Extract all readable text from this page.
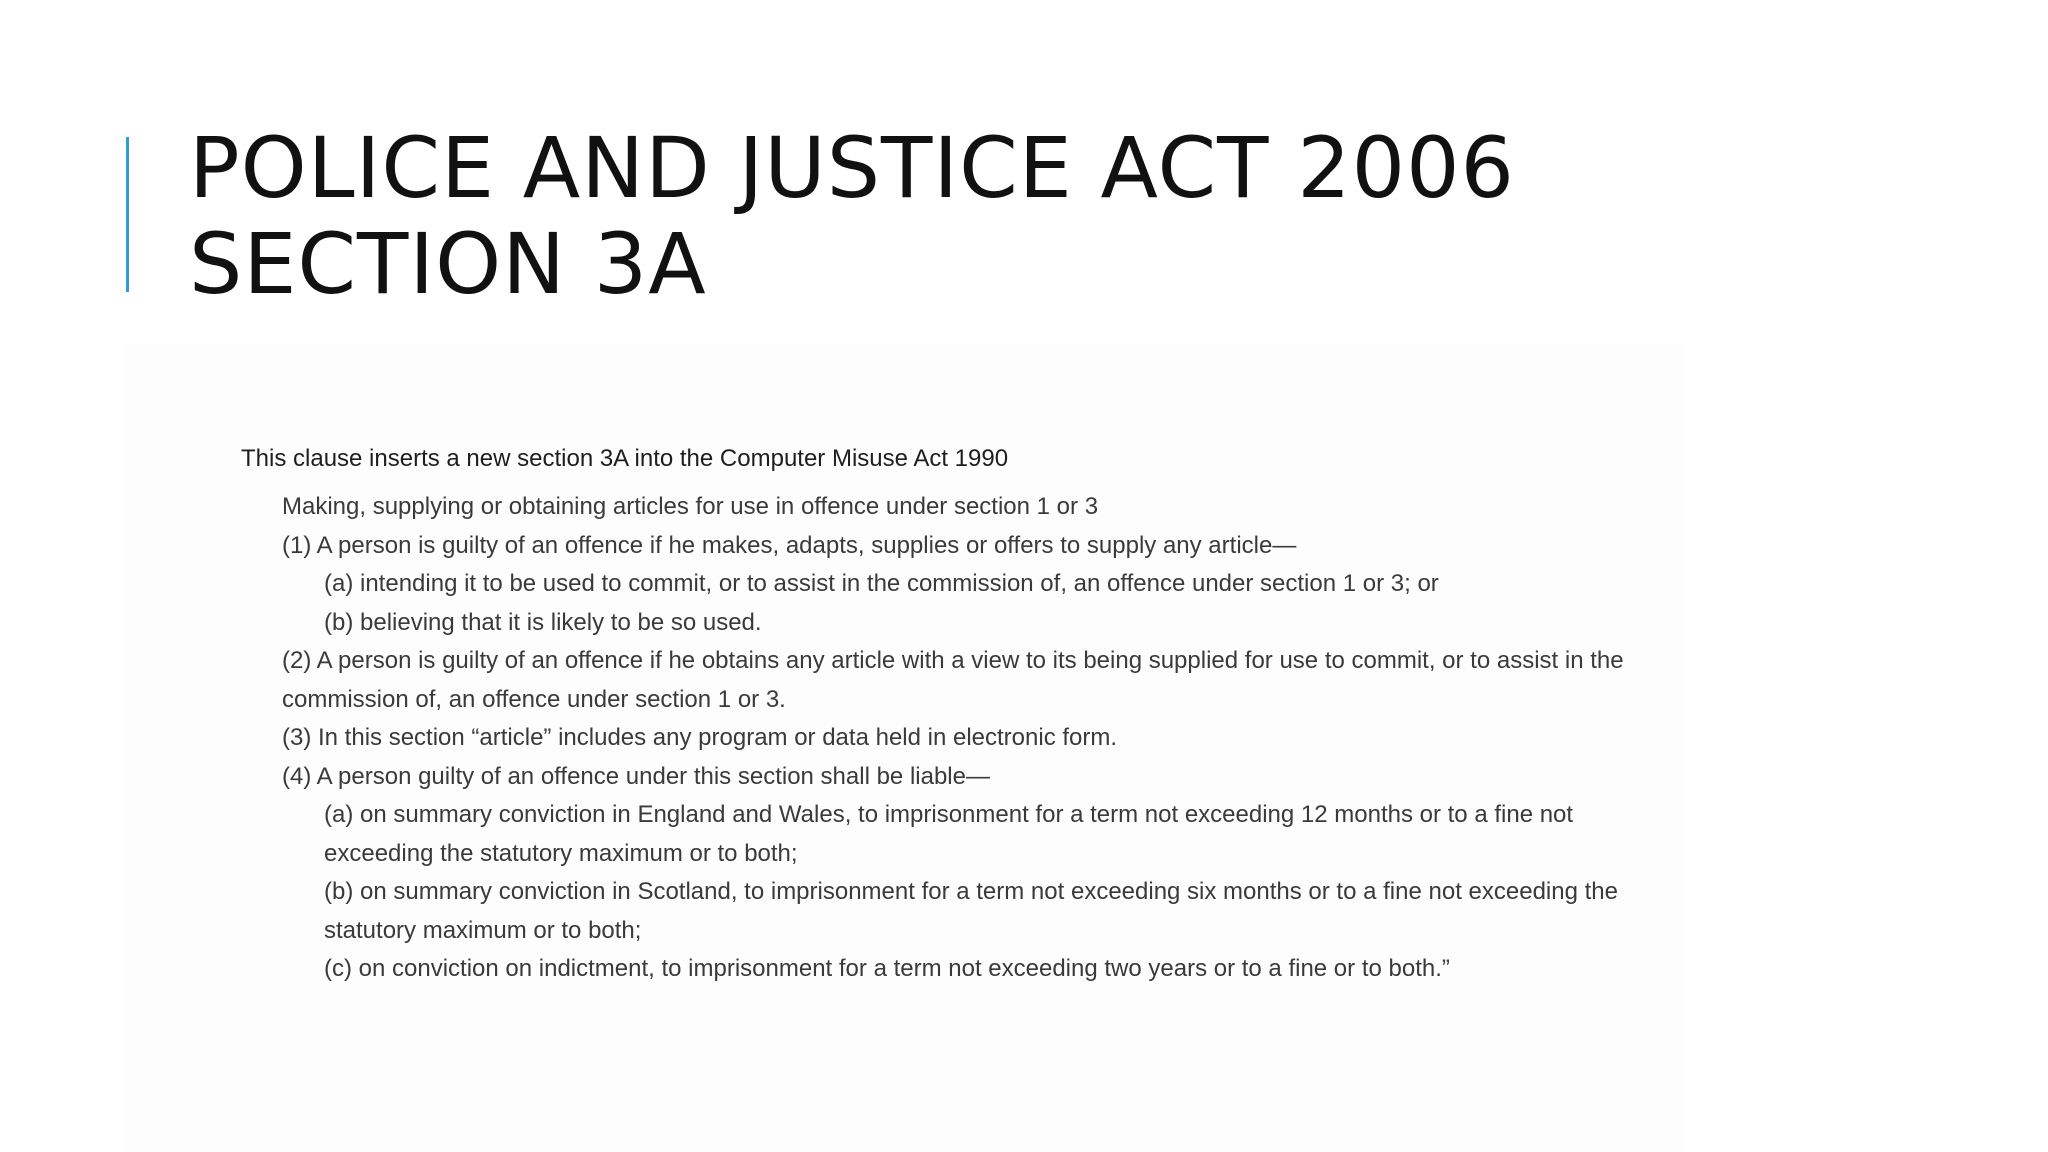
POLICE AND JUSTICE ACT 2006
SECTION 3A
This clause inserts a new section 3A into the Computer Misuse Act 1990
Making, supplying or obtaining articles for use in offence under section 1 or 3
(1) A person is guilty of an offence if he makes, adapts, supplies or offers to supply any article—
(a) intending it to be used to commit, or to assist in the commission of, an offence under section 1 or 3; or
(b) believing that it is likely to be so used.
(2) A person is guilty of an offence if he obtains any article with a view to its being supplied for use to commit, or to assist in the
commission of, an offence under section 1 or 3.
(3) In this section “article” includes any program or data held in electronic form.
(4) A person guilty of an offence under this section shall be liable—
(a) on summary conviction in England and Wales, to imprisonment for a term not exceeding 12 months or to a fine not
exceeding the statutory maximum or to both;
(b) on summary conviction in Scotland, to imprisonment for a term not exceeding six months or to a fine not exceeding the
statutory maximum or to both;
(c) on conviction on indictment, to imprisonment for a term not exceeding two years or to a fine or to both.”
